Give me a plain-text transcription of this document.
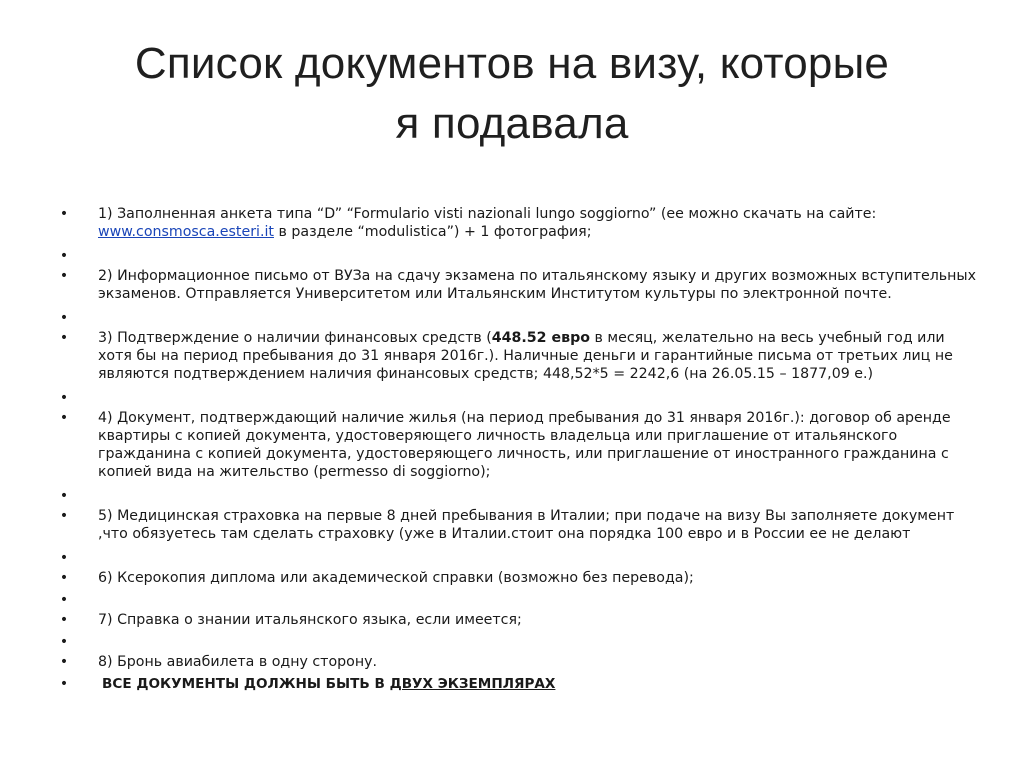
Список документов на визу, которые
я подавала
• 1) Заполненная анкета типа “D” “Formulario visti nazionali lungo soggiorno” (ее можно скачать на сайте: www.consmosca.esteri.it в разделе “modulistica”) + 1 фотография;
•
• 2) Информационное письмо от ВУЗа на сдачу экзамена по итальянскому языку и других возможных вступительных экзаменов. Отправляется Университетом или Итальянским Институтом культуры по электронной почте.
•
• 3) Подтверждение о наличии финансовых средств (448.52 евро в месяц, желательно на весь учебный год или хотя бы на период пребывания до 31 января 2016г.). Наличные деньги и гарантийные письма от третьих лиц не являются подтверждением наличия финансовых средств; 448,52*5 = 2242,6 (на 26.05.15 – 1877,09 е.)
•
• 4) Документ, подтверждающий наличие жилья (на период пребывания до 31 января 2016г.): договор об аренде квартиры с копией документа, удостоверяющего личность владельца или приглашение от итальянского гражданина с копией документа, удостоверяющего личность, или приглашение от иностранного гражданина с копией вида на жительство (permesso di soggiorno);
•
• 5) Медицинская страховка на первые 8 дней пребывания в Италии; при подаче на визу Вы заполняете документ ,что обязуетесь там сделать страховку (уже в Италии.стоит она порядка 100 евро и в России ее не делают
•
• 6) Ксерокопия диплома или академической справки (возможно без перевода);
•
• 7) Справка о знании итальянского языка, если имеется;
•
• 8) Бронь авиабилета в одну сторону.
• ВСЕ ДОКУМЕНТЫ ДОЛЖНЫ БЫТЬ В ДВУХ ЭКЗЕМПЛЯРАХ
